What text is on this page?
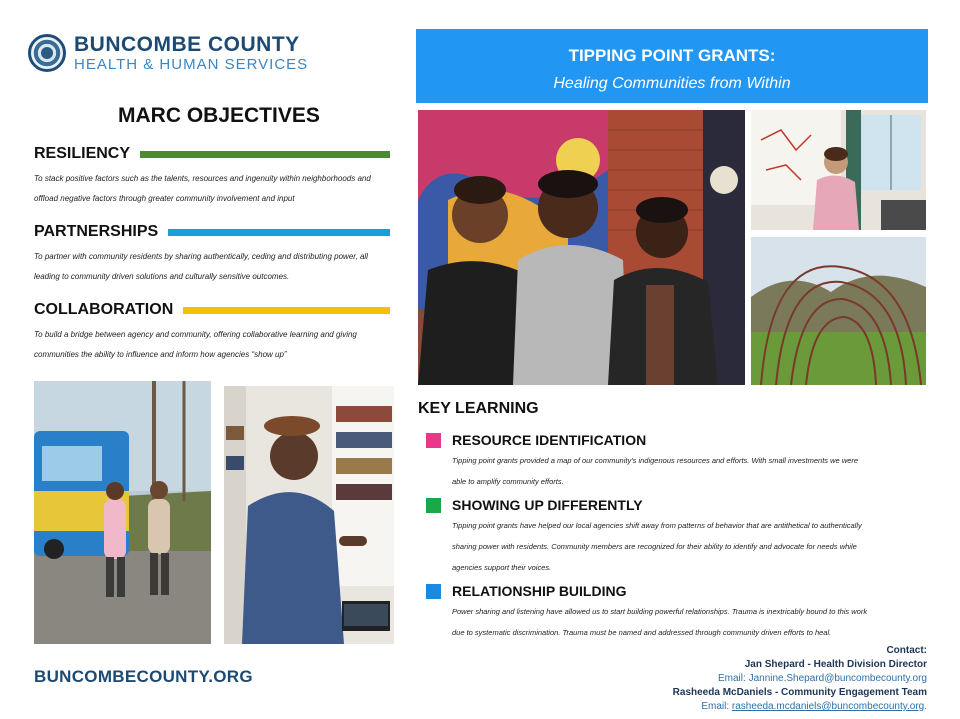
BUNCOMBE COUNTY
HEALTH & HUMAN SERVICES
MARC OBJECTIVES
RESILIENCY
To stack positive factors such as the talents, resources and ingenuity within neighborhoods and
offload negative factors through greater community involvement and input
PARTNERSHIPS
To partner with community residents by sharing authentically, ceding and distributing power, all
leading to community driven solutions and culturally sensitive outcomes.
COLLABORATION
To build a bridge between agency and community, offering collaborative learning and giving
communities the ability to influence and inform how agencies “show up”
BUNCOMBECOUNTY.ORG
TIPPING POINT GRANTS:
Healing Communities from Within
KEY LEARNING
RESOURCE IDENTIFICATION
Tipping point grants provided a map of our community's indigenous resources and efforts. With small investments we were
able to amplify community efforts.
SHOWING UP DIFFERENTLY
Tipping point grants have helped our local agencies shift away from patterns of behavior that are antithetical to authentically
sharing power with residents. Community members are recognized for their ability to identify and advocate for needs while
agencies support their voices.
RELATIONSHIP BUILDING
Power sharing and listening have allowed us to start building powerful relationships. Trauma is inextricably bound to this work
due to systematic discrimination. Trauma must be named and addressed through community driven efforts to heal.
Contact:
Jan Shepard - Health Division Director
Email: Jannine.Shepard@buncombecounty.org
Rasheeda McDaniels - Community Engagement Team
Email: rasheeda.mcdaniels@buncombecounty.org.
